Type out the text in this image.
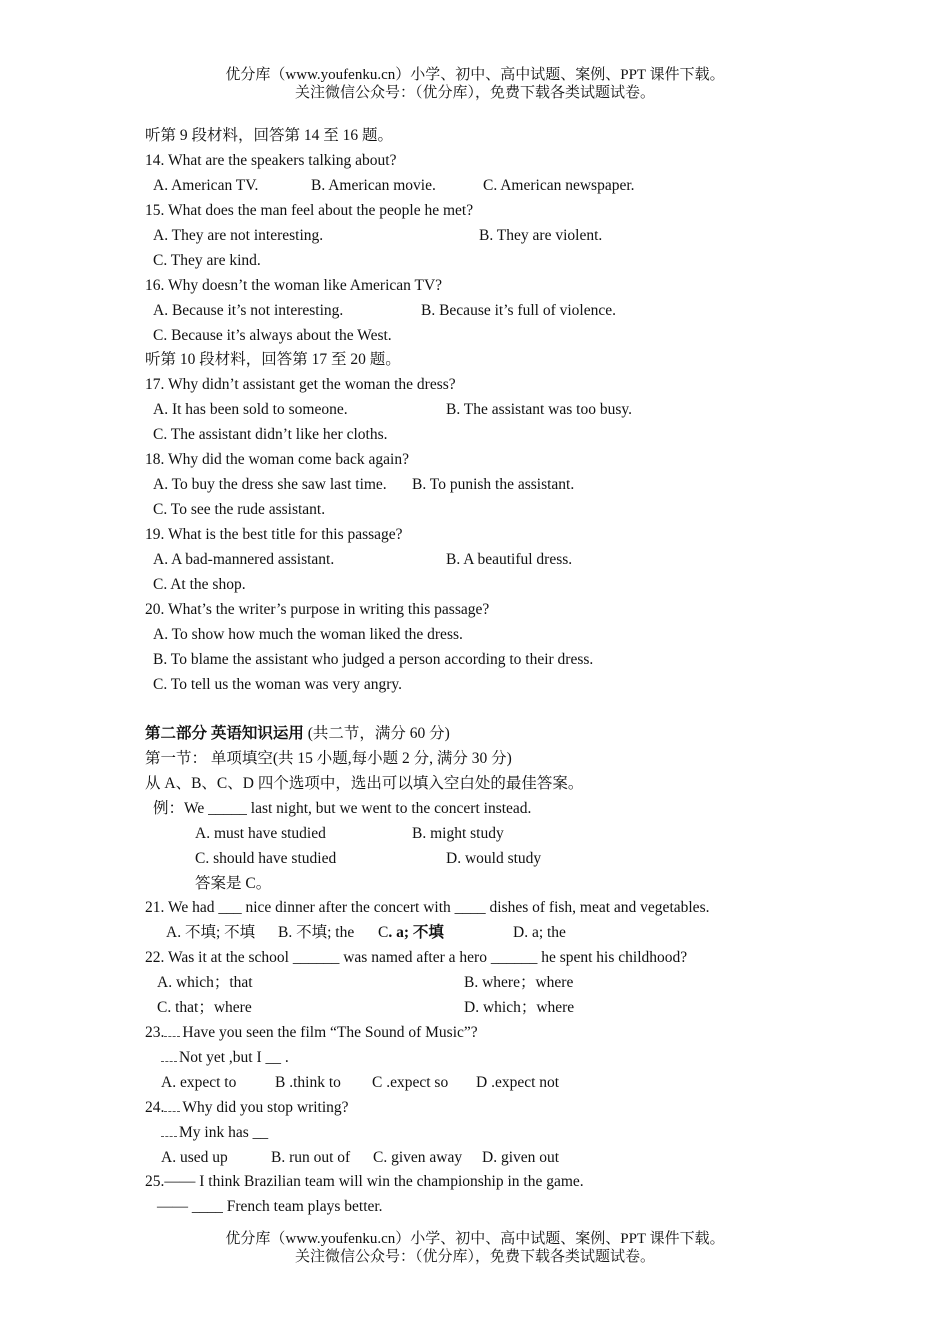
优分库（www.youfenku.cn）小学、初中、高中试题、案例、PPT 课件下载。
关注微信公众号：（优分库），免费下载各类试题试卷。
听第 9 段材料，回答第 14 至 16 题。
14. What are the speakers talking about?
A. American TV.	B. American movie.	C. American newspaper.
15. What does the man feel about the people he met?
A. They are not interesting.	B. They are violent.
C. They are kind.
16. Why doesn’t the woman like American TV?
A. Because it’s not interesting.	B. Because it’s full of violence.
C. Because it’s always about the West.
听第 10 段材料，回答第 17 至 20 题。
17. Why didn’t assistant get the woman the dress?
A. It has been sold to someone.	B. The assistant was too busy.
C. The assistant didn’t like her cloths.
18. Why did the woman come back again?
A. To buy the dress she saw last time. B. To punish the assistant.
C. To see the rude assistant.
19. What is the best title for this passage?
A. A bad-mannered assistant.	B. A beautiful dress.
C. At the shop.
20. What’s the writer’s purpose in writing this passage?
A. To show how much the woman liked the dress.
B. To blame the assistant who judged a person according to their dress.
C. To tell us the woman was very angry.
第二部分 英语知识运用 (共二节，满分 60 分)
第一节： 单项填空(共 15 小题,每小题 2 分, 满分 30 分)
从 A、B、C、D 四个选项中，选出可以填入空白处的最佳答案。
例：We _____ last night, but we went to the concert instead.
A. must have studied	B. might study
C. should have studied	D. would study
答案是 C。
21. We had ___ nice dinner after the concert with ____ dishes of fish, meat and vegetables.
A. 不填; 不填 B. 不填; the C. a; 不填	D. a; the
22. Was it at the school ______ was named after a hero ______ he spent his childhood?
A. which；that	B. where；where
C. that；where	D. which；where
23. Have you seen the film “The Sound of Music”?
Not yet ,but I __ .
A. expect to B .think to C .expect so D .expect not
24. Why did you stop writing?
My ink has __
A. used up	B. run out of C. given away D. given out
25.—— I think Brazilian team will win the championship in the game.
—— ____ French team plays better.
优分库（www.youfenku.cn）小学、初中、高中试题、案例、PPT 课件下载。
关注微信公众号：（优分库），免费下载各类试题试卷。
